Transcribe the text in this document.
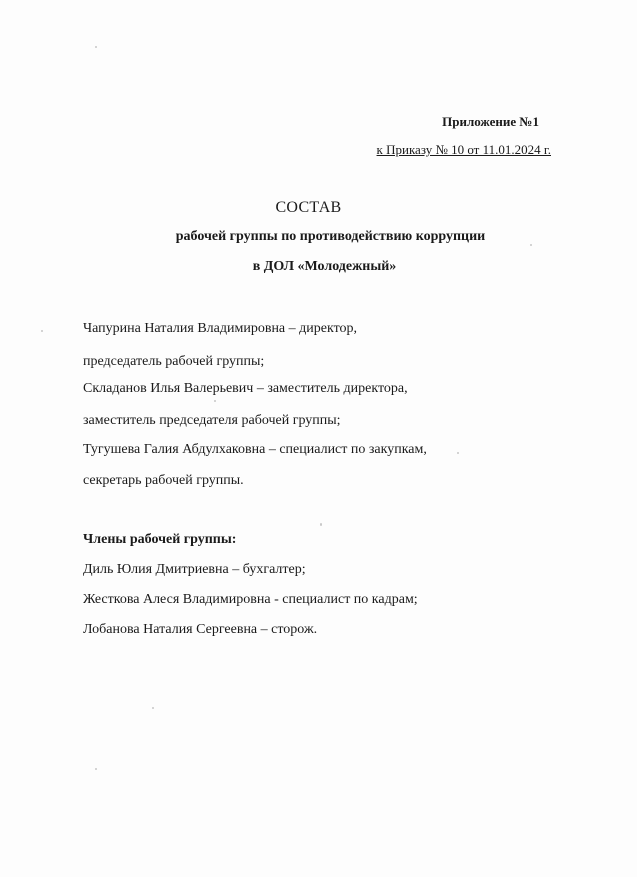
Приложение №1
к Приказу № 10 от 11.01.2024 г.
СОСТАВ
рабочей группы по противодействию коррупции
в ДОЛ «Молодежный»
Чапурина Наталия Владимировна – директор,
председатель рабочей группы;
Складанов Илья Валерьевич – заместитель директора,
заместитель председателя рабочей группы;
Тугушева Галия Абдулхаковна – специалист по закупкам,
секретарь рабочей группы.
Члены рабочей группы:
Диль Юлия Дмитриевна – бухгалтер;
Жесткова Алеся Владимировна - специалист по кадрам;
Лобанова Наталия Сергеевна – сторож.
